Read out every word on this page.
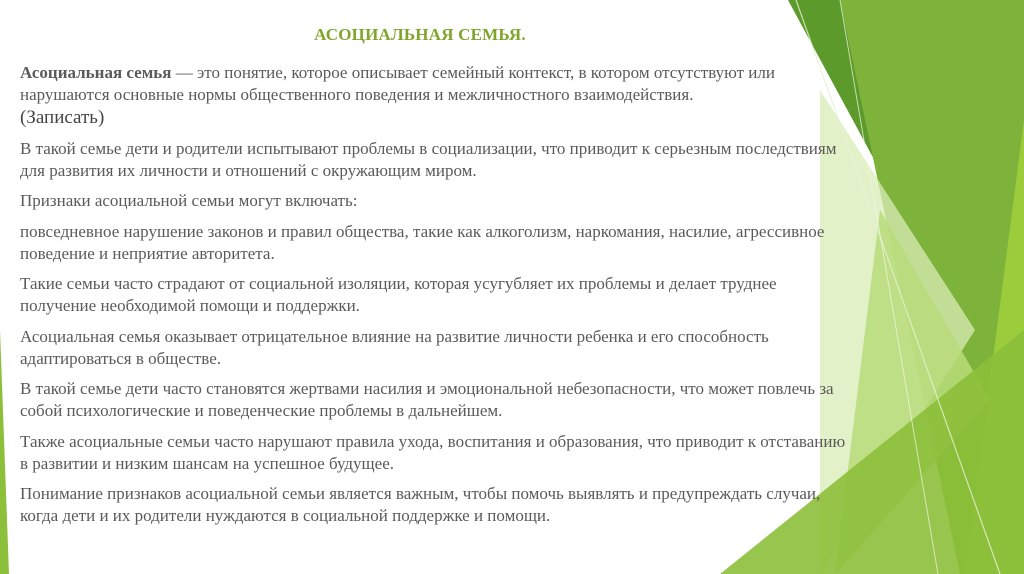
АСОЦИАЛЬНАЯ СЕМЬЯ.

Асоциальная семья — это понятие, которое описывает семейный контекст, в котором отсутствуют или нарушаются основные нормы общественного поведения и межличностного взаимодействия.
(Записать)

В такой семье дети и родители испытывают проблемы в социализации, что приводит к серьезным последствиям для развития их личности и отношений с окружающим миром.

Признаки асоциальной семьи могут включать:

повседневное нарушение законов и правил общества, такие как алкоголизм, наркомания, насилие, агрессивное поведение и неприятие авторитета.

Такие семьи часто страдают от социальной изоляции, которая усугубляет их проблемы и делает труднее получение необходимой помощи и поддержки.

Асоциальная семья оказывает отрицательное влияние на развитие личности ребенка и его способность адаптироваться в обществе.

В такой семье дети часто становятся жертвами насилия и эмоциональной небезопасности, что может повлечь за собой психологические и поведенческие проблемы в дальнейшем.

Также асоциальные семьи часто нарушают правила ухода, воспитания и образования, что приводит к отставанию в развитии и низким шансам на успешное будущее.

Понимание признаков асоциальной семьи является важным, чтобы помочь выявлять и предупреждать случаи, когда дети и их родители нуждаются в социальной поддержке и помощи.
